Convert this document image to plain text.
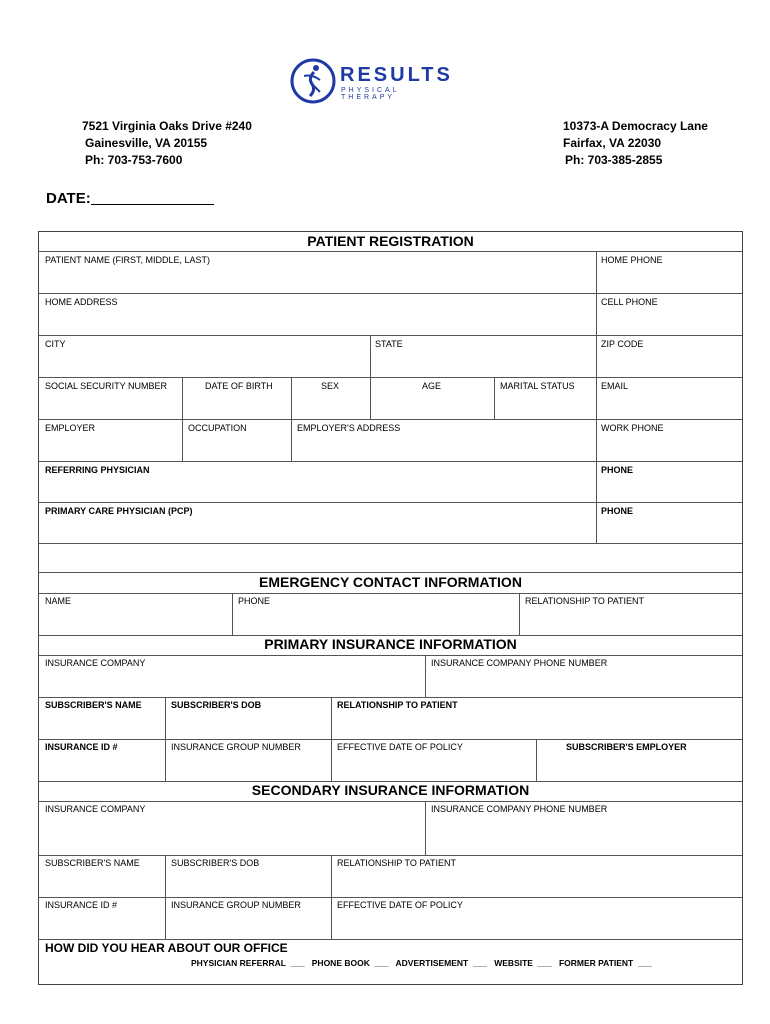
RESULTS
PHYSICAL THERAPY
7521 Virginia Oaks Drive #240
Gainesville, VA 20155
Ph: 703-753-7600
10373-A Democracy Lane
Fairfax, VA 22030
Ph: 703-385-2855
DATE:
PATIENT REGISTRATION
PATIENT NAME (FIRST, MIDDLE, LAST)	HOME PHONE
HOME ADDRESS	CELL PHONE
CITY	STATE	ZIP CODE
SOCIAL SECURITY NUMBER	DATE OF BIRTH	SEX	AGE	MARITAL STATUS	EMAIL
EMPLOYER	OCCUPATION	EMPLOYER'S ADDRESS	WORK PHONE
REFERRING PHYSICIAN	PHONE
PRIMARY CARE PHYSICIAN (PCP)	PHONE
EMERGENCY CONTACT INFORMATION
NAME	PHONE	RELATIONSHIP TO PATIENT
PRIMARY INSURANCE INFORMATION
INSURANCE COMPANY	INSURANCE COMPANY PHONE NUMBER
SUBSCRIBER'S NAME	SUBSCRIBER'S DOB	RELATIONSHIP TO PATIENT
INSURANCE ID #	INSURANCE GROUP NUMBER	EFFECTIVE DATE OF POLICY	SUBSCRIBER'S EMPLOYER
SECONDARY INSURANCE INFORMATION
INSURANCE COMPANY	INSURANCE COMPANY PHONE NUMBER
SUBSCRIBER'S NAME	SUBSCRIBER'S DOB	RELATIONSHIP TO PATIENT
INSURANCE ID #	INSURANCE GROUP NUMBER	EFFECTIVE DATE OF POLICY
HOW DID YOU HEAR ABOUT OUR OFFICE
PHYSICIAN REFERRAL  ___   PHONE BOOK  ___   ADVERTISEMENT  ___   WEBSITE  ___   FORMER PATIENT  ___
